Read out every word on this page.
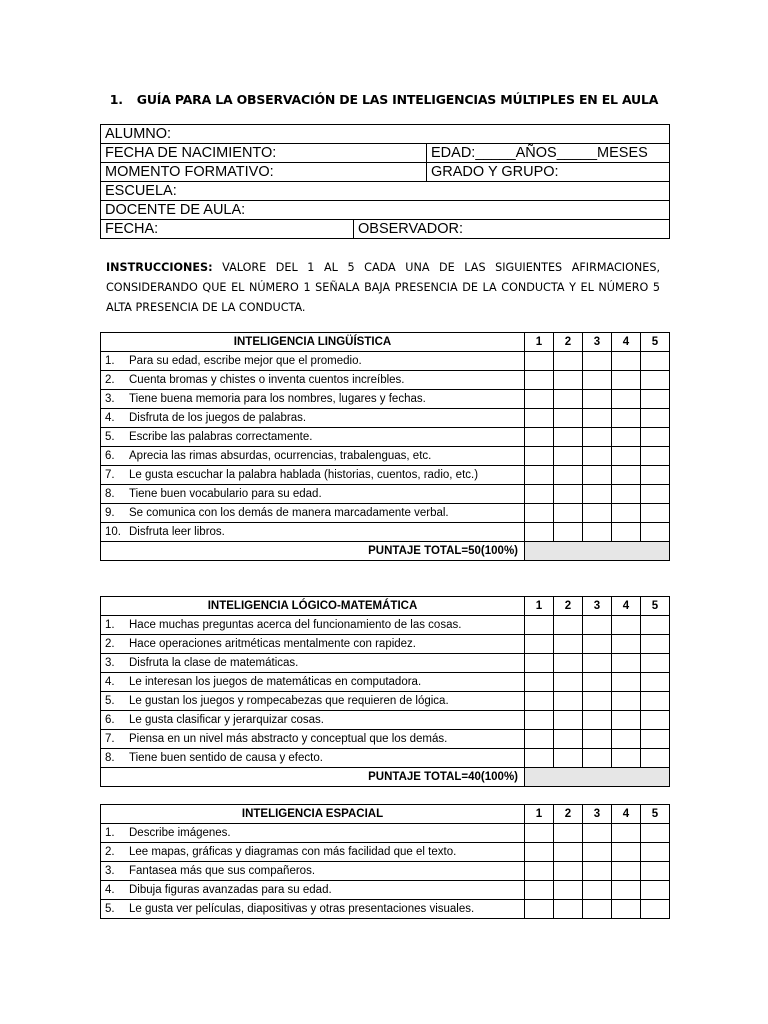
1. GUÍA PARA LA OBSERVACIÓN DE LAS INTELIGENCIAS MÚLTIPLES EN EL AULA
ALUMNO:		
FECHA DE NACIMIENTO:		EDAD:_____AÑOS_____MESES
MOMENTO FORMATIVO:		GRADO Y GRUPO:
ESCUELA:		
DOCENTE DE AULA:		
FECHA:	OBSERVADOR:	
INSTRUCCIONES: VALORE DEL 1 AL 5 CADA UNA DE LAS SIGUIENTES AFIRMACIONES, CONSIDERANDO QUE EL NÚMERO 1 SEÑALA BAJA PRESENCIA DE LA CONDUCTA Y EL NÚMERO 5 ALTA PRESENCIA DE LA CONDUCTA.
INTELIGENCIA LINGÜÍSTICA	1	2	3	4	5
1. Para su edad, escribe mejor que el promedio.					
2. Cuenta bromas y chistes o inventa cuentos increíbles.					
3. Tiene buena memoria para los nombres, lugares y fechas.					
4. Disfruta de los juegos de palabras.					
5. Escribe las palabras correctamente.					
6. Aprecia las rimas absurdas, ocurrencias, trabalenguas, etc.					
7. Le gusta escuchar la palabra hablada (historias, cuentos, radio, etc.)					
8. Tiene buen vocabulario para su edad.					
9. Se comunica con los demás de manera marcadamente verbal.					
10. Disfruta leer libros.					
PUNTAJE TOTAL=50(100%)					
INTELIGENCIA LÓGICO-MATEMÁTICA	1	2	3	4	5
1. Hace muchas preguntas acerca del funcionamiento de las cosas.					
2. Hace operaciones aritméticas mentalmente con rapidez.					
3. Disfruta la clase de matemáticas.					
4. Le interesan los juegos de matemáticas en computadora.					
5. Le gustan los juegos y rompecabezas que requieren de lógica.					
6. Le gusta clasificar y jerarquizar cosas.					
7. Piensa en un nivel más abstracto y conceptual que los demás.					
8. Tiene buen sentido de causa y efecto.					
PUNTAJE TOTAL=40(100%)					
INTELIGENCIA ESPACIAL	1	2	3	4	5
1. Describe imágenes.					
2. Lee mapas, gráficas y diagramas con más facilidad que el texto.					
3. Fantasea más que sus compañeros.					
4. Dibuja figuras avanzadas para su edad.					
5. Le gusta ver películas, diapositivas y otras presentaciones visuales.					
